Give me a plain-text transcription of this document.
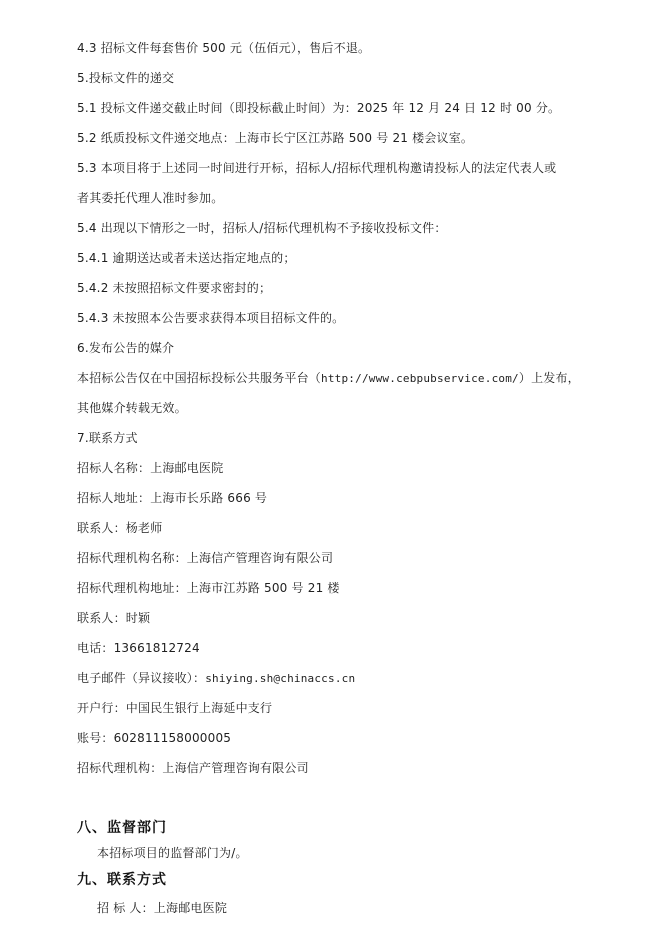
4.3 招标文件每套售价 500 元（伍佰元），售后不退。
5.投标文件的递交
5.1 投标文件递交截止时间（即投标截止时间）为：2025 年 12 月 24 日 12 时 00 分。
5.2 纸质投标文件递交地点：上海市长宁区江苏路 500 号 21 楼会议室。
5.3 本项目将于上述同一时间进行开标，招标人/招标代理机构邀请投标人的法定代表人或
者其委托代理人准时参加。
5.4 出现以下情形之一时，招标人/招标代理机构不予接收投标文件：
5.4.1 逾期送达或者未送达指定地点的；
5.4.2 未按照招标文件要求密封的；
5.4.3 未按照本公告要求获得本项目招标文件的。
6.发布公告的媒介
本招标公告仅在中国招标投标公共服务平台（http://www.cebpubservice.com/）上发布，
其他媒介转载无效。
7.联系方式
招标人名称：上海邮电医院
招标人地址：上海市长乐路 666 号
联系人：杨老师
招标代理机构名称：上海信产管理咨询有限公司
招标代理机构地址：上海市江苏路 500 号 21 楼
联系人：时颖
电话：13661812724
电子邮件（异议接收）：shiying.sh@chinaccs.cn
开户行：中国民生银行上海延中支行
账号：602811158000005
招标代理机构：上海信产管理咨询有限公司
八、监督部门
本招标项目的监督部门为/。
九、联系方式
招 标 人：上海邮电医院
